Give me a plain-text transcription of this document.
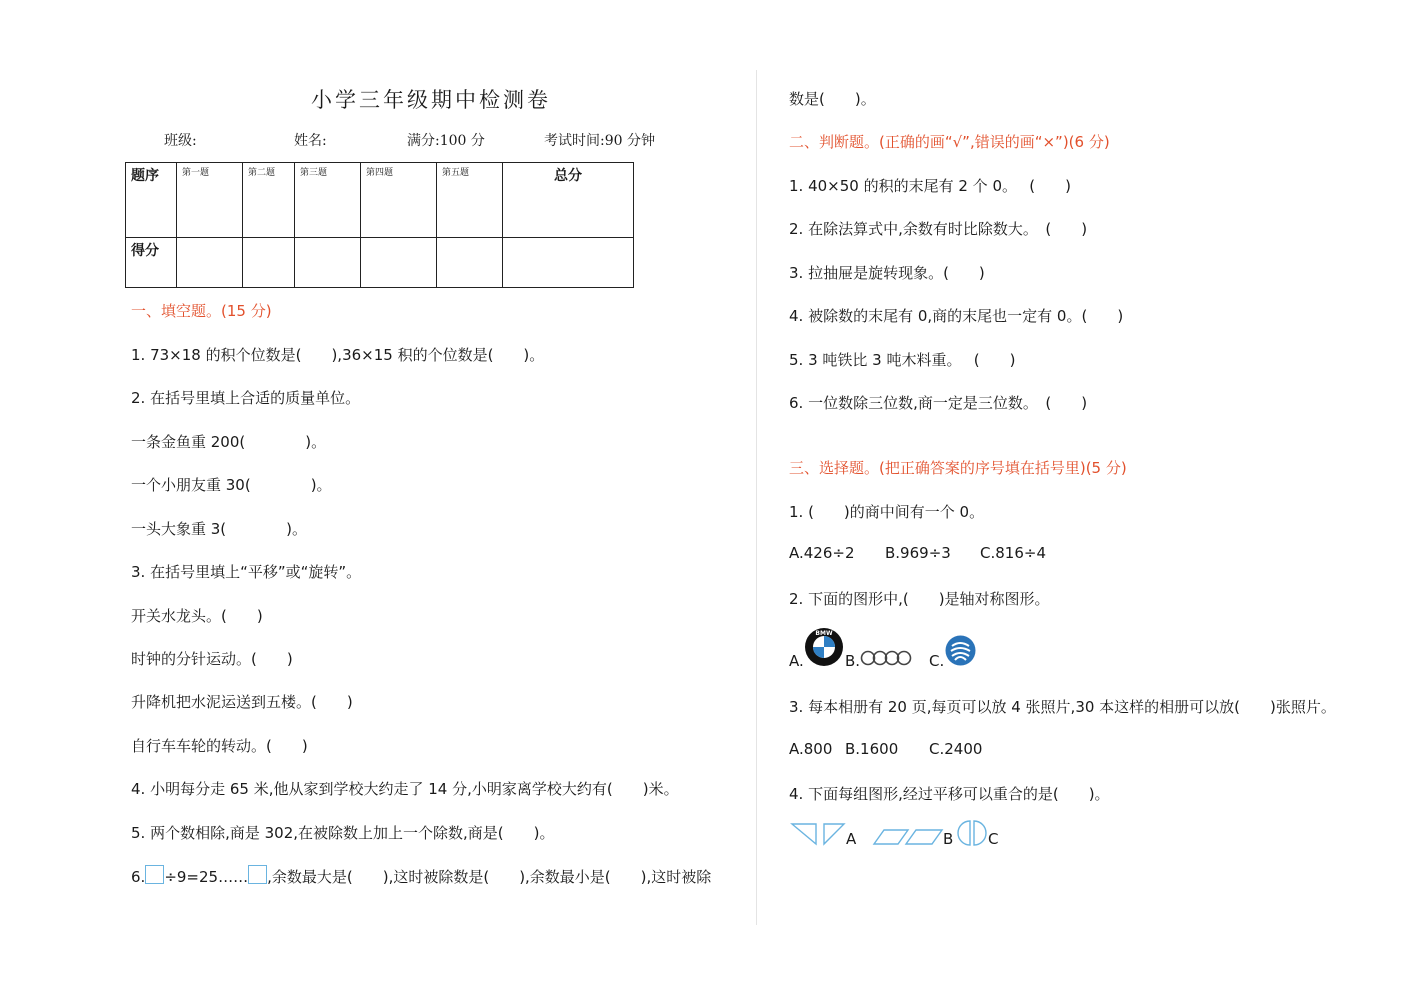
小学三年级期中检测卷
班级:	姓名:	满分:100 分	考试时间:90 分钟
题序	第一题	第二题	第三题	第四题	第五题	总分
得分						
一、填空题。(15 分)
1. 73×18 的积个位数是(　　),36×15 积的个位数是(　　)。
2. 在括号里填上合适的质量单位。
一条金鱼重 200(　　　　)。
一个小朋友重 30(　　　　)。
一头大象重 3(　　　　)。
3. 在括号里填上“平移”或“旋转”。
开关水龙头。(　　)
时钟的分针运动。(　　)
升降机把水泥运送到五楼。(　　)
自行车车轮的转动。(　　)
4. 小明每分走 65 米,他从家到学校大约走了 14 分,小明家离学校大约有(　　)米。
5. 两个数相除,商是 302,在被除数上加上一个除数,商是(　　)。
6. ÷9=25…… ,余数最大是(　　),这时被除数是(　　),余数最小是(　　),这时被除
数是(　　)。
二、判断题。(正确的画“√”,错误的画“×”)(6 分)
1. 40×50 的积的末尾有 2 个 0。　 (　　)
2. 在除法算式中,余数有时比除数大。　(　　)
3. 拉抽屉是旋转现象。(　　)
4. 被除数的末尾有 0,商的末尾也一定有 0。(　　)
5. 3 吨铁比 3 吨木料重。　 (　　)
6. 一位数除三位数,商一定是三位数。　(　　)
三、选择题。(把正确答案的序号填在括号里)(5 分)
1. (　　)的商中间有一个 0。
A.426÷2 B.969÷3 C.816÷4
2. 下面的图形中,(　　)是轴对称图形。
A.
BMW
B.	C.
3. 每本相册有 20 页,每页可以放 4 张照片,30 本这样的相册可以放(　　)张照片。
A.800 B.1600 C.2400
4. 下面每组图形,经过平移可以重合的是(　　)。
A	B C
